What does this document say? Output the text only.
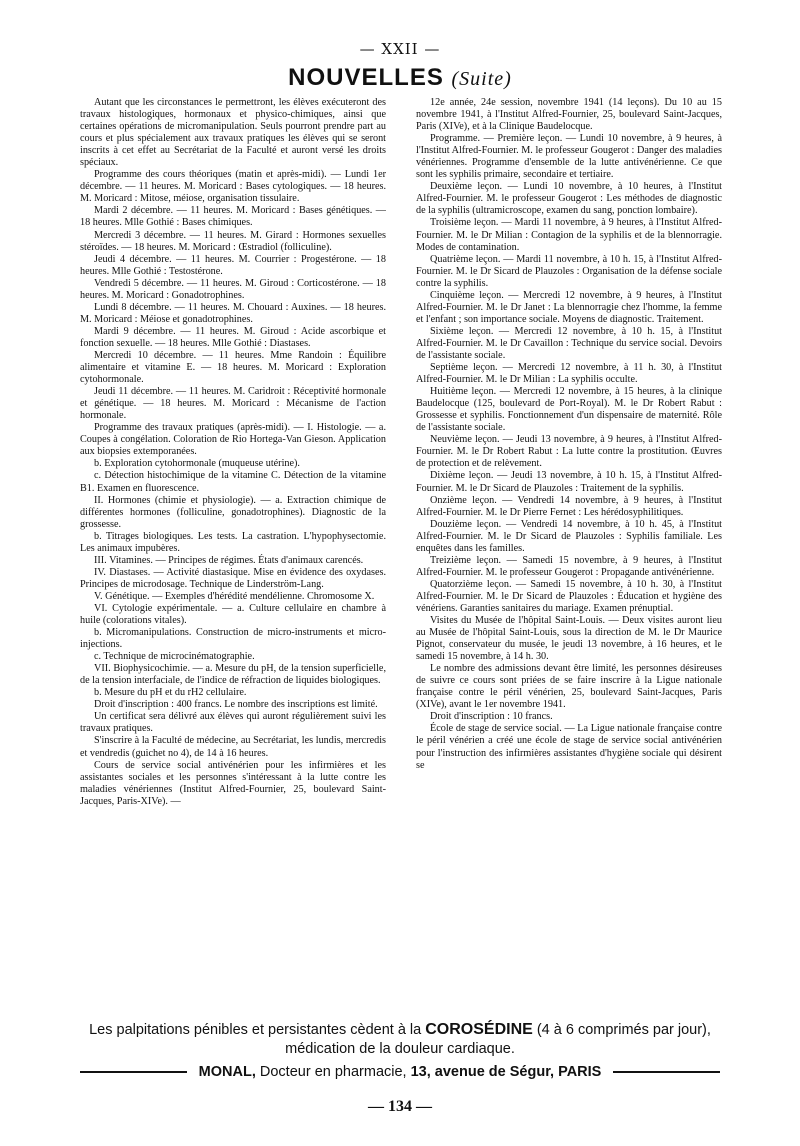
— XXII —
NOUVELLES (Suite)

Autant que les circonstances le permettront, les élèves exécuteront des travaux histologiques, hormonaux et physico-chimiques, ainsi que certaines opérations de micromanipulation. Seuls pourront prendre part au cours et plus spécialement aux travaux pratiques les élèves qui se seront inscrits à cet effet au Secrétariat de la Faculté et auront versé les droits spéciaux.

Programme des cours théoriques (matin et après-midi). — Lundi 1er décembre. — 11 heures. M. Moricard : Bases cytologiques. — 18 heures. M. Moricard : Mitose, méiose, organisation tissulaire.

Mardi 2 décembre. — 11 heures. M. Moricard : Bases génétiques. — 18 heures. Mlle Gothié : Bases chimiques.

Mercredi 3 décembre. — 11 heures. M. Girard : Hormones sexuelles stéroïdes. — 18 heures. M. Moricard : Œstradiol (folliculine).

Jeudi 4 décembre. — 11 heures. M. Courrier : Progestérone. — 18 heures. Mlle Gothié : Testostérone.

Vendredi 5 décembre. — 11 heures. M. Giroud : Corticostérone. — 18 heures. M. Moricard : Gonadotrophines.

Lundi 8 décembre. — 11 heures. M. Chouard : Auxines. — 18 heures. M. Moricard : Méiose et gonadotrophines.

Mardi 9 décembre. — 11 heures. M. Giroud : Acide ascorbique et fonction sexuelle. — 18 heures. Mlle Gothié : Diastases.

Mercredi 10 décembre. — 11 heures. Mme Randoin : Équilibre alimentaire et vitamine E. — 18 heures. M. Moricard : Exploration cytohormonale.

Jeudi 11 décembre. — 11 heures. M. Caridroit : Réceptivité hormonale et génétique. — 18 heures. M. Moricard : Mécanisme de l'action hormonale.

Programme des travaux pratiques (après-midi). — I. Histologie. — a. Coupes à congélation. Coloration de Rio Hortega-Van Gieson. Application aux biopsies extemporanées.

b. Exploration cytohormonale (muqueuse utérine).

c. Détection histochimique de la vitamine C. Détection de la vitamine B1. Examen en fluorescence.

II. Hormones (chimie et physiologie). — a. Extraction chimique de différentes hormones (folliculine, gonadotrophines). Diagnostic de la grossesse.

b. Titrages biologiques. Les tests. La castration. L'hypophysectomie. Les animaux impubères.

III. Vitamines. — Principes de régimes. États d'animaux carencés.

IV. Diastases. — Activité diastasique. Mise en évidence des oxydases. Principes de microdosage. Technique de Linderström-Lang.

V. Génétique. — Exemples d'hérédité mendélienne. Chromosome X.

VI. Cytologie expérimentale. — a. Culture cellulaire en chambre à huile (colorations vitales).

b. Micromanipulations. Construction de micro-instruments et micro-injections.

c. Technique de microcinématographie.

VII. Biophysicochimie. — a. Mesure du pH, de la tension superficielle, de la tension interfaciale, de l'indice de réfraction de liquides biologiques.

b. Mesure du pH et du rH2 cellulaire.

Droit d'inscription : 400 francs. Le nombre des inscriptions est limité.

Un certificat sera délivré aux élèves qui auront régulièrement suivi les travaux pratiques.

S'inscrire à la Faculté de médecine, au Secrétariat, les lundis, mercredis et vendredis (guichet no 4), de 14 à 16 heures.

Cours de service social antivénérien pour les infirmières et les assistantes sociales et les personnes s'intéressant à la lutte contre les maladies vénériennes (Institut Alfred-Fournier, 25, boulevard Saint-Jacques, Paris-XIVe). —

12e année, 24e session, novembre 1941 (14 leçons). Du 10 au 15 novembre 1941, à l'Institut Alfred-Fournier, 25, boulevard Saint-Jacques, Paris (XIVe), et à la Clinique Baudelocque.

Programme. — Première leçon. — Lundi 10 novembre, à 9 heures, à l'Institut Alfred-Fournier. M. le professeur Gougerot : Danger des maladies vénériennes. Programme d'ensemble de la lutte antivénérienne. Ce que sont les syphilis primaire, secondaire et tertiaire.

Deuxième leçon. — Lundi 10 novembre, à 10 heures, à l'Institut Alfred-Fournier. M. le professeur Gougerot : Les méthodes de diagnostic de la syphilis (ultramicroscope, examen du sang, ponction lombaire).

Troisième leçon. — Mardi 11 novembre, à 9 heures, à l'Institut Alfred-Fournier. M. le Dr Milian : Contagion de la syphilis et de la blennorragie. Modes de contamination.

Quatrième leçon. — Mardi 11 novembre, à 10 h. 15, à l'Institut Alfred-Fournier. M. le Dr Sicard de Plauzoles : Organisation de la défense sociale contre la syphilis.

Cinquième leçon. — Mercredi 12 novembre, à 9 heures, à l'Institut Alfred-Fournier. M. le Dr Janet : La blennorragie chez l'homme, la femme et l'enfant ; son importance sociale. Moyens de diagnostic. Traitement.

Sixième leçon. — Mercredi 12 novembre, à 10 h. 15, à l'Institut Alfred-Fournier. M. le Dr Cavaillon : Technique du service social. Devoirs de l'assistante sociale.

Septième leçon. — Mercredi 12 novembre, à 11 h. 30, à l'Institut Alfred-Fournier. M. le Dr Milian : La syphilis occulte.

Huitième leçon. — Mercredi 12 novembre, à 15 heures, à la clinique Baudelocque (125, boulevard de Port-Royal). M. le Dr Robert Rabut : Grossesse et syphilis. Fonctionnement d'un dispensaire de maternité. Rôle de l'assistante sociale.

Neuvième leçon. — Jeudi 13 novembre, à 9 heures, à l'Institut Alfred-Fournier. M. le Dr Robert Rabut : La lutte contre la prostitution. Œuvres de protection et de relèvement.

Dixième leçon. — Jeudi 13 novembre, à 10 h. 15, à l'Institut Alfred-Fournier. M. le Dr Sicard de Plauzoles : Traitement de la syphilis.

Onzième leçon. — Vendredi 14 novembre, à 9 heures, à l'Institut Alfred-Fournier. M. le Dr Pierre Fernet : Les hérédosyphilitiques.

Douzième leçon. — Vendredi 14 novembre, à 10 h. 45, à l'Institut Alfred-Fournier. M. le Dr Sicard de Plauzoles : Syphilis familiale. Les enquêtes dans les familles.

Treizième leçon. — Samedi 15 novembre, à 9 heures, à l'Institut Alfred-Fournier. M. le professeur Gougerot : Propagande antivénérienne.

Quatorzième leçon. — Samedi 15 novembre, à 10 h. 30, à l'Institut Alfred-Fournier. M. le Dr Sicard de Plauzoles : Éducation et hygiène des vénériens. Garanties sanitaires du mariage. Examen prénuptial.

Visites du Musée de l'hôpital Saint-Louis. — Deux visites auront lieu au Musée de l'hôpital Saint-Louis, sous la direction de M. le Dr Maurice Pignot, conservateur du musée, le jeudi 13 novembre, à 16 heures, et le samedi 15 novembre, à 14 h. 30.

Le nombre des admissions devant être limité, les personnes désireuses de suivre ce cours sont priées de se faire inscrire à la Ligue nationale française contre le péril vénérien, 25, boulevard Saint-Jacques, Paris (XIVe), avant le 1er novembre 1941.

Droit d'inscription : 10 francs.

École de stage de service social. — La Ligue nationale française contre le péril vénérien a créé une école de stage de service social antivénérien pour l'instruction des infirmières assistantes d'hygiène sociale qui désirent se

Les palpitations pénibles et persistantes cèdent à la COROSÉDINE (4 à 6 comprimés par jour),
médication de la douleur cardiaque.
MONAL, Docteur en pharmacie, 13, avenue de Ségur, PARIS
— 134 —
